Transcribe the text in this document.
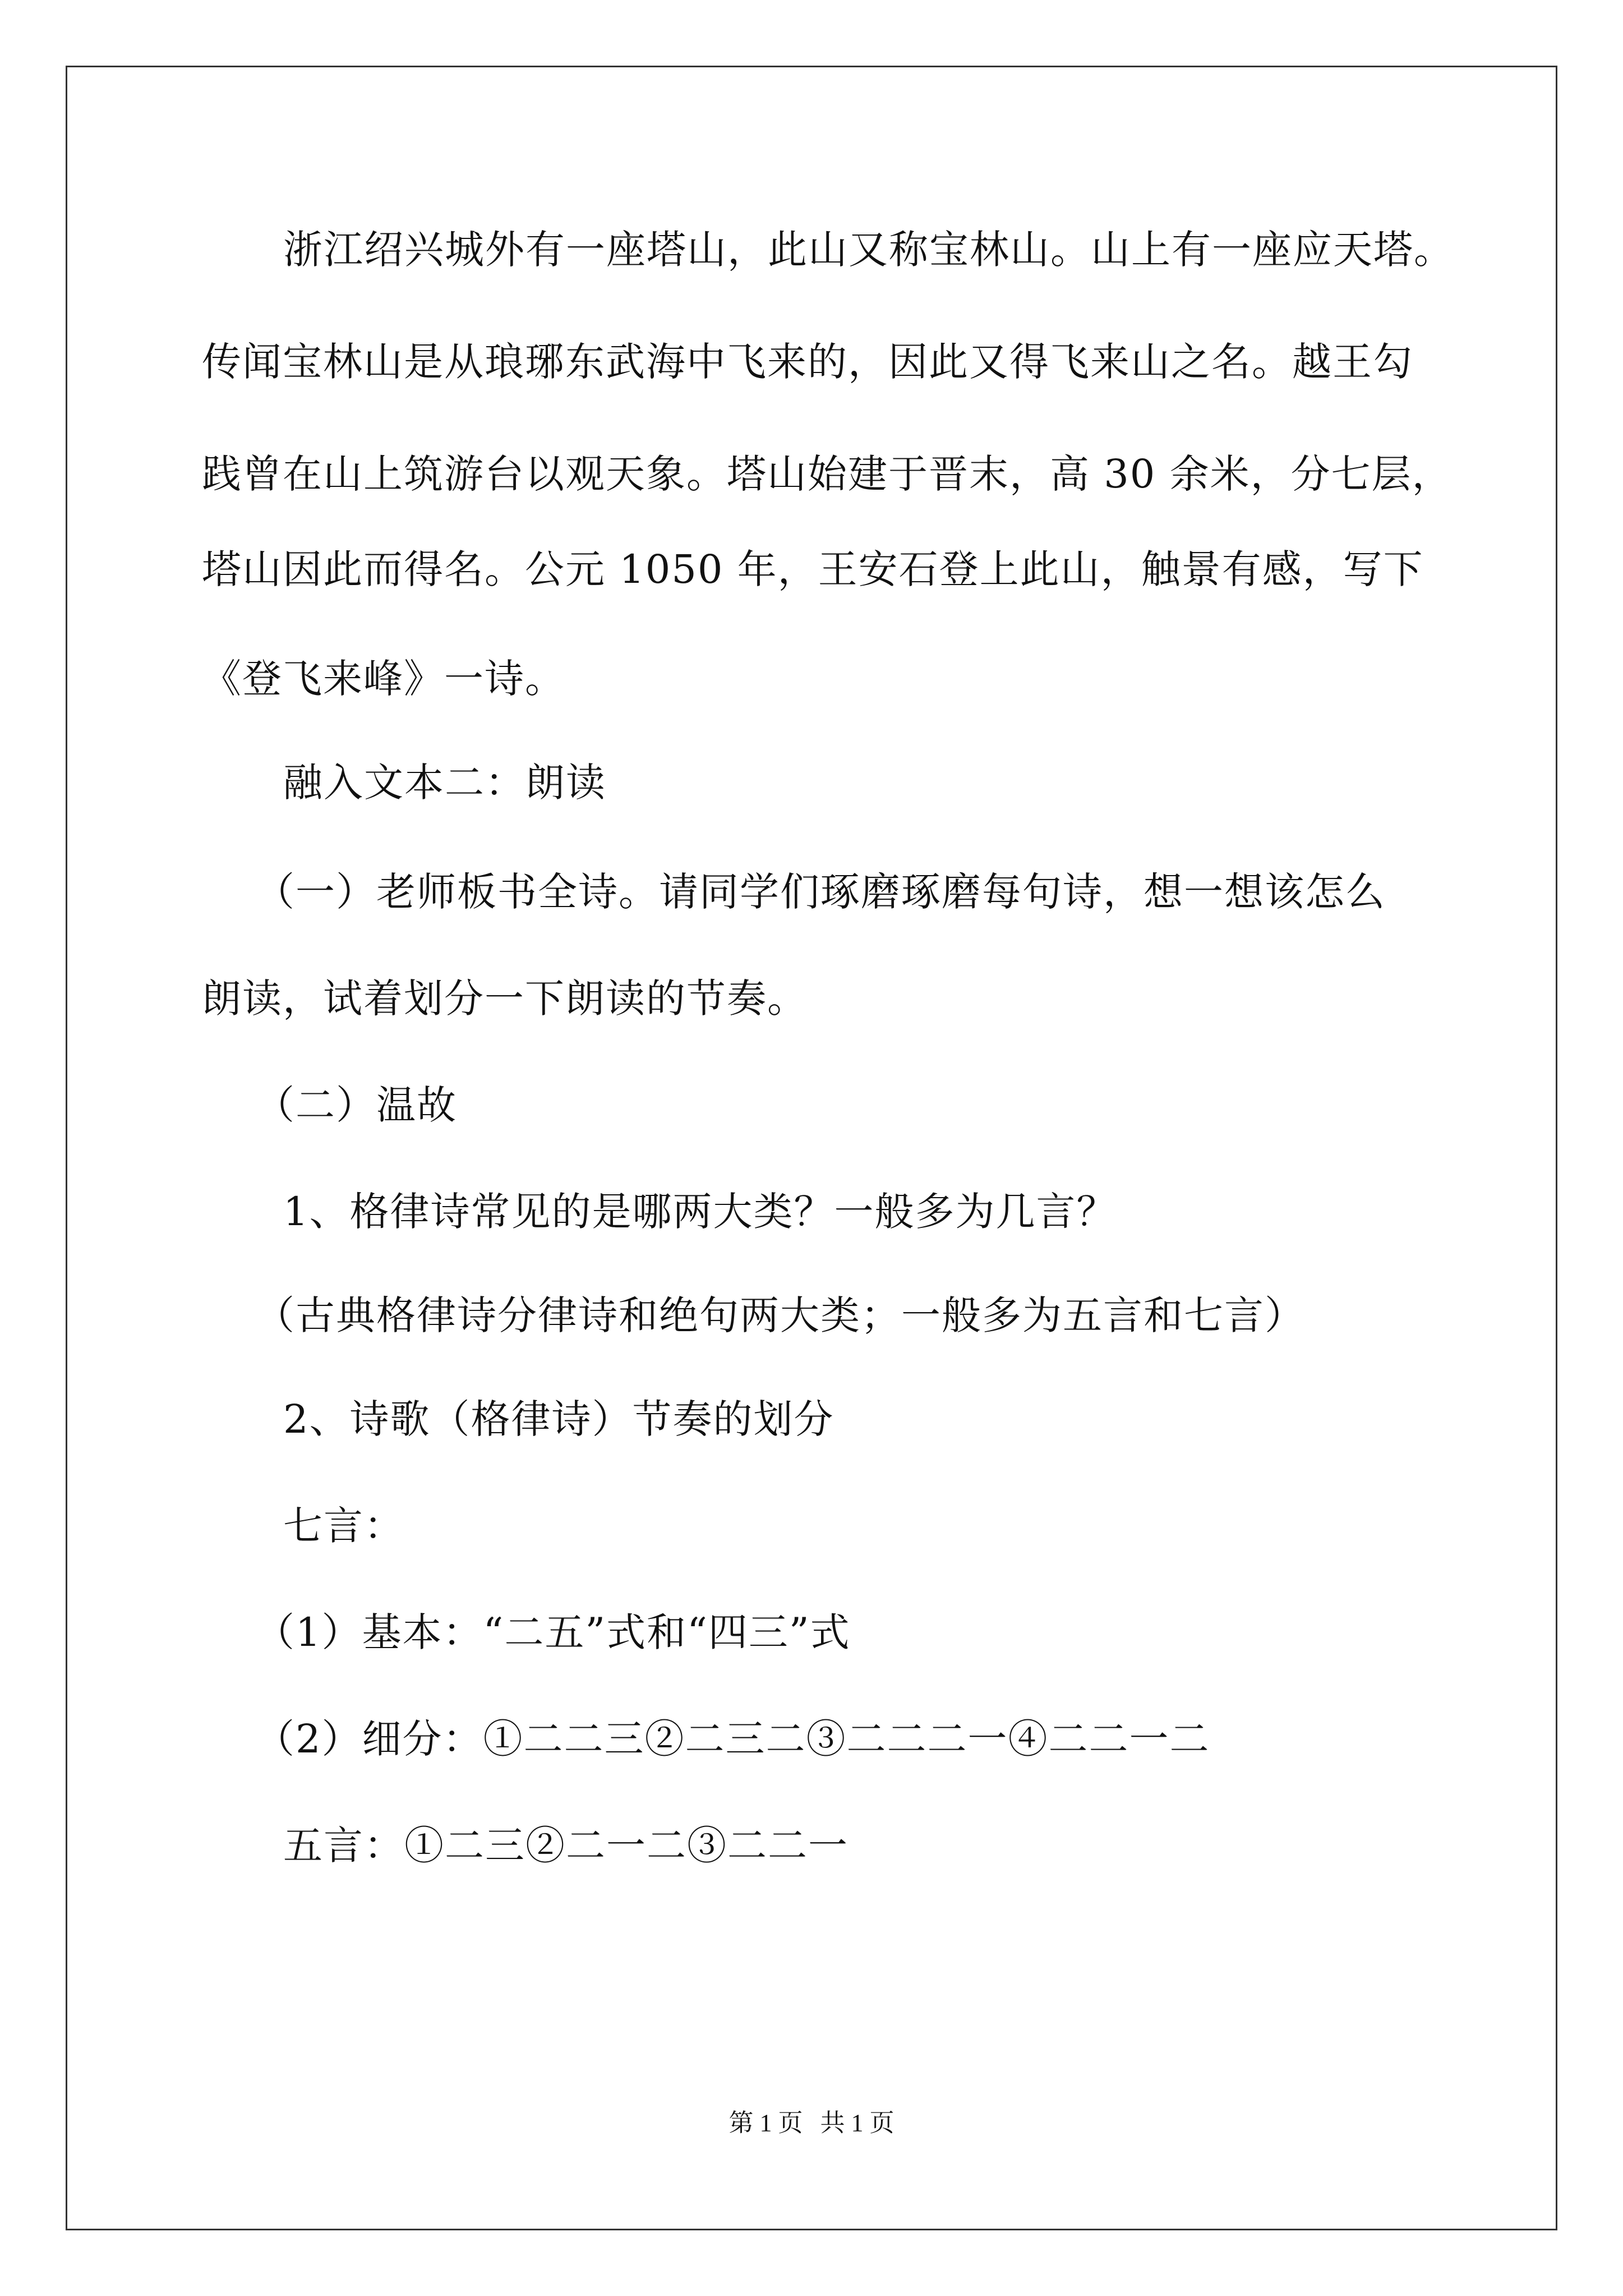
浙江绍兴城外有一座塔山，此山又称宝林山。山上有一座应天塔。
传闻宝林山是从琅琊东武海中飞来的，因此又得飞来山之名。越王勾
践曾在山上筑游台以观天象。塔山始建于晋末，高 30 余米，分七层，
塔山因此而得名。公元 1050 年，王安石登上此山，触景有感，写下
《登飞来峰》一诗。
融入文本二：朗读
（一）老师板书全诗。请同学们琢磨琢磨每句诗，想一想该怎么
朗读，试着划分一下朗读的节奏。
（二）温故
1、格律诗常见的是哪两大类？一般多为几言？
（古典格律诗分律诗和绝句两大类；一般多为五言和七言）
2、诗歌（格律诗）节奏的划分
七言：
（1）基本：“二五”式和“四三”式
（2）细分：①二二三②二三二③二二二一④二二一二
五言：①二三②二一二③二二一
第 1 页 共 1 页
